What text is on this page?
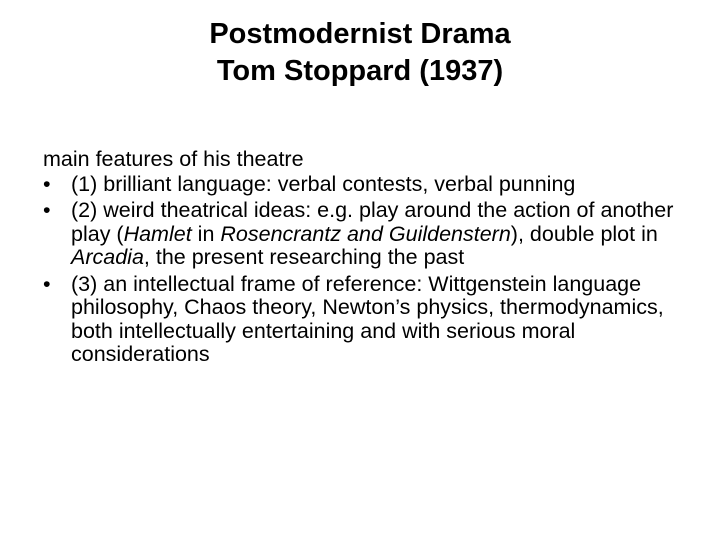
Postmodernist Drama
Tom Stoppard (1937)
main features of his theatre
• (1) brilliant language: verbal contests, verbal punning
• (2) weird theatrical ideas: e.g. play around the action of another play (Hamlet in Rosencrantz and Guildenstern), double plot in Arcadia, the present researching the past
• (3) an intellectual frame of reference: Wittgenstein language philosophy, Chaos theory, Newton’s physics, thermodynamics, both intellectually entertaining and with serious moral considerations
